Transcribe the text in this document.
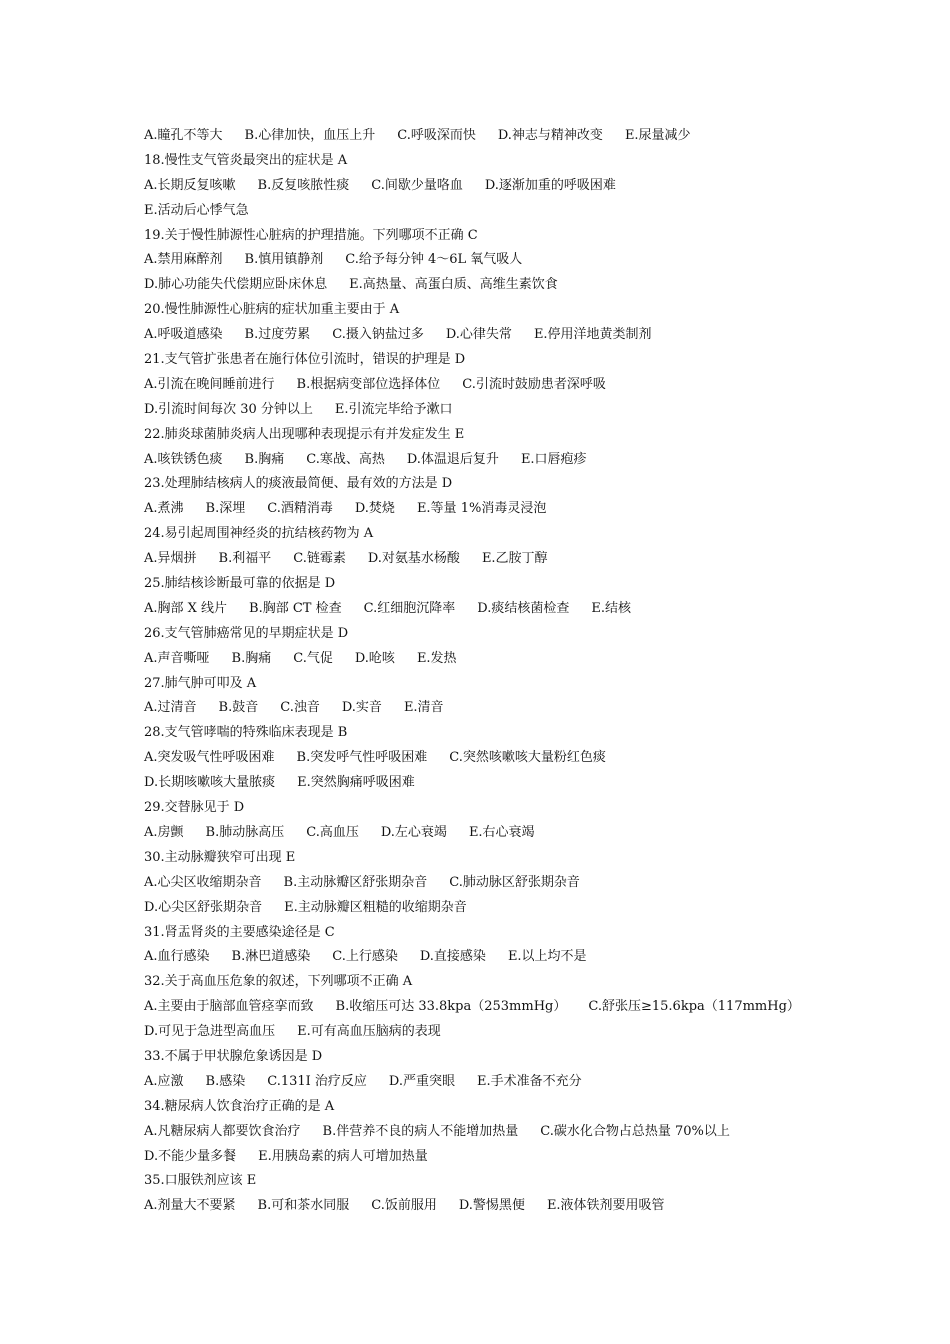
A.瞳孔不等大 B.心律加快，血压上升 C.呼吸深而快 D.神志与精神改变 E.尿量减少
18.慢性支气管炎最突出的症状是 A
A.长期反复咳嗽 B.反复咳脓性痰 C.间歇少量咯血 D.逐渐加重的呼吸困难
E.活动后心悸气急
19.关于慢性肺源性心脏病的护理措施。下列哪项不正确 C
A.禁用麻醉剂 B.慎用镇静剂 C.给予每分钟 4～6L 氧气吸人
D.肺心功能失代偿期应卧床休息 E.高热量、高蛋白质、高维生素饮食
20.慢性肺源性心脏病的症状加重主要由于 A
A.呼吸道感染 B.过度劳累 C.摄入钠盐过多 D.心律失常 E.停用洋地黄类制剂
21.支气管扩张患者在施行体位引流时，错误的护理是 D
A.引流在晚间睡前进行 B.根据病变部位选择体位 C.引流时鼓励患者深呼吸
D.引流时间每次 30 分钟以上 E.引流完毕给予漱口
22.肺炎球菌肺炎病人出现哪种表现提示有并发症发生 E
A.咳铁锈色痰 B.胸痛 C.寒战、高热 D.体温退后复升 E.口唇疱疹
23.处理肺结核病人的痰液最简便、最有效的方法是 D
A.煮沸 B.深埋 C.酒精消毒 D.焚烧 E.等量 1%消毒灵浸泡
24.易引起周围神经炎的抗结核药物为 A
A.异烟拼 B.利福平 C.链霉素 D.对氨基水杨酸 E.乙胺丁醇
25.肺结核诊断最可靠的依据是 D
A.胸部 X 线片 B.胸部 CT 检查 C.红细胞沉降率 D.痰结核菌检查 E.结核
26.支气管肺癌常见的早期症状是 D
A.声音嘶哑 B.胸痛 C.气促 D.呛咳 E.发热
27.肺气肿可叩及 A
A.过清音 B.鼓音 C.浊音 D.实音 E.清音
28.支气管哮喘的特殊临床表现是 B
A.突发吸气性呼吸困难 B.突发呼气性呼吸困难 C.突然咳嗽咳大量粉红色痰
D.长期咳嗽咳大量脓痰 E.突然胸痛呼吸困难
29.交替脉见于 D
A.房颤 B.肺动脉高压 C.高血压 D.左心衰竭 E.右心衰竭
30.主动脉瓣狭窄可出现 E
A.心尖区收缩期杂音 B.主动脉瓣区舒张期杂音 C.肺动脉区舒张期杂音
D.心尖区舒张期杂音 E.主动脉瓣区粗糙的收缩期杂音
31.肾盂肾炎的主要感染途径是 C
A.血行感染 B.淋巴道感染 C.上行感染 D.直接感染 E.以上均不是
32.关于高血压危象的叙述，下列哪项不正确 A
A.主要由于脑部血管痉挛而致 B.收缩压可达 33.8kpa（253mmHg） C.舒张压≥15.6kpa（117mmHg）
D.可见于急进型高血压 E.可有高血压脑病的表现
33.不属于甲状腺危象诱因是 D
A.应激 B.感染 C.131I 治疗反应 D.严重突眼 E.手术准备不充分
34.糖尿病人饮食治疗正确的是 A
A.凡糖尿病人都要饮食治疗 B.伴营养不良的病人不能增加热量 C.碳水化合物占总热量 70%以上
D.不能少量多餐 E.用胰岛素的病人可增加热量
35.口服铁剂应该 E
A.剂量大不要紧 B.可和茶水同服 C.饭前服用 D.警惕黑便 E.液体铁剂要用吸管
